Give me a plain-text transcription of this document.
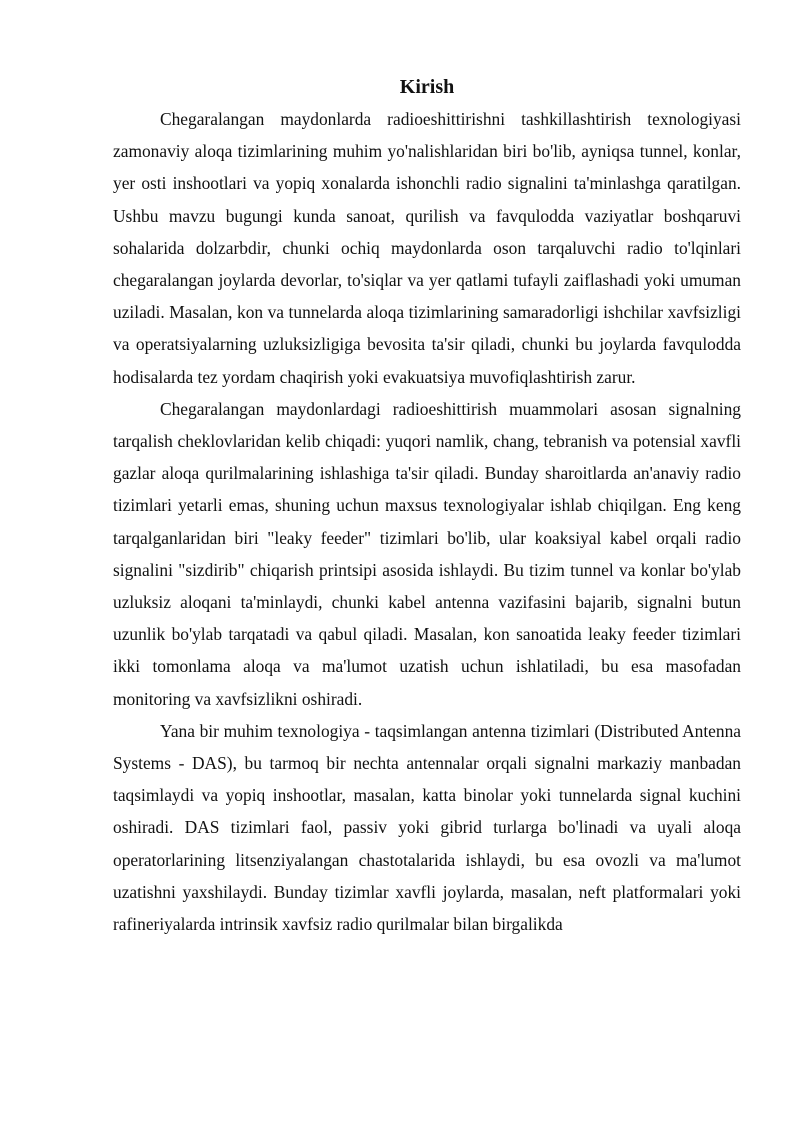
Kirish

Chegaralangan maydonlarda radioeshittirishni tashkillashtirish texnologiyasi zamonaviy aloqa tizimlarining muhim yo'nalishlaridan biri bo'lib, ayniqsa tunnel, konlar, yer osti inshootlari va yopiq xonalarda ishonchli radio signalini ta'minlashga qaratilgan. Ushbu mavzu bugungi kunda sanoat, qurilish va favqulodda vaziyatlar boshqaruvi sohalarida dolzarbdir, chunki ochiq maydonlarda oson tarqaluvchi radio to'lqinlari chegaralangan joylarda devorlar, to'siqlar va yer qatlami tufayli zaiflashadi yoki umuman uziladi. Masalan, kon va tunnelarda aloqa tizimlarining samaradorligi ishchilar xavfsizligi va operatsiyalarning uzluksizligiga bevosita ta'sir qiladi, chunki bu joylarda favqulodda hodisalarda tez yordam chaqirish yoki evakuatsiya muvofiqlashtirish zarur.

Chegaralangan maydonlardagi radioeshittirish muammolari asosan signalning tarqalish cheklovlaridan kelib chiqadi: yuqori namlik, chang, tebranish va potensial xavfli gazlar aloqa qurilmalarining ishlashiga ta'sir qiladi. Bunday sharoitlarda an'anaviy radio tizimlari yetarli emas, shuning uchun maxsus texnologiyalar ishlab chiqilgan. Eng keng tarqalganlaridan biri "leaky feeder" tizimlari bo'lib, ular koaksiyal kabel orqali radio signalini "sizdirib" chiqarish printsipi asosida ishlaydi. Bu tizim tunnel va konlar bo'ylab uzluksiz aloqani ta'minlaydi, chunki kabel antenna vazifasini bajarib, signalni butun uzunlik bo'ylab tarqatadi va qabul qiladi. Masalan, kon sanoatida leaky feeder tizimlari ikki tomonlama aloqa va ma'lumot uzatish uchun ishlatiladi, bu esa masofadan monitoring va xavfsizlikni oshiradi.

Yana bir muhim texnologiya - taqsimlangan antenna tizimlari (Distributed Antenna Systems - DAS), bu tarmoq bir nechta antennalar orqali signalni markaziy manbadan taqsimlaydi va yopiq inshootlar, masalan, katta binolar yoki tunnelarda signal kuchini oshiradi. DAS tizimlari faol, passiv yoki gibrid turlarga bo'linadi va uyali aloqa operatorlarining litsenziyalangan chastotalarida ishlaydi, bu esa ovozli va ma'lumot uzatishni yaxshilaydi. Bunday tizimlar xavfli joylarda, masalan, neft platformalari yoki rafineriyalarda intrinsik xavfsiz radio qurilmalar bilan birgalikda
